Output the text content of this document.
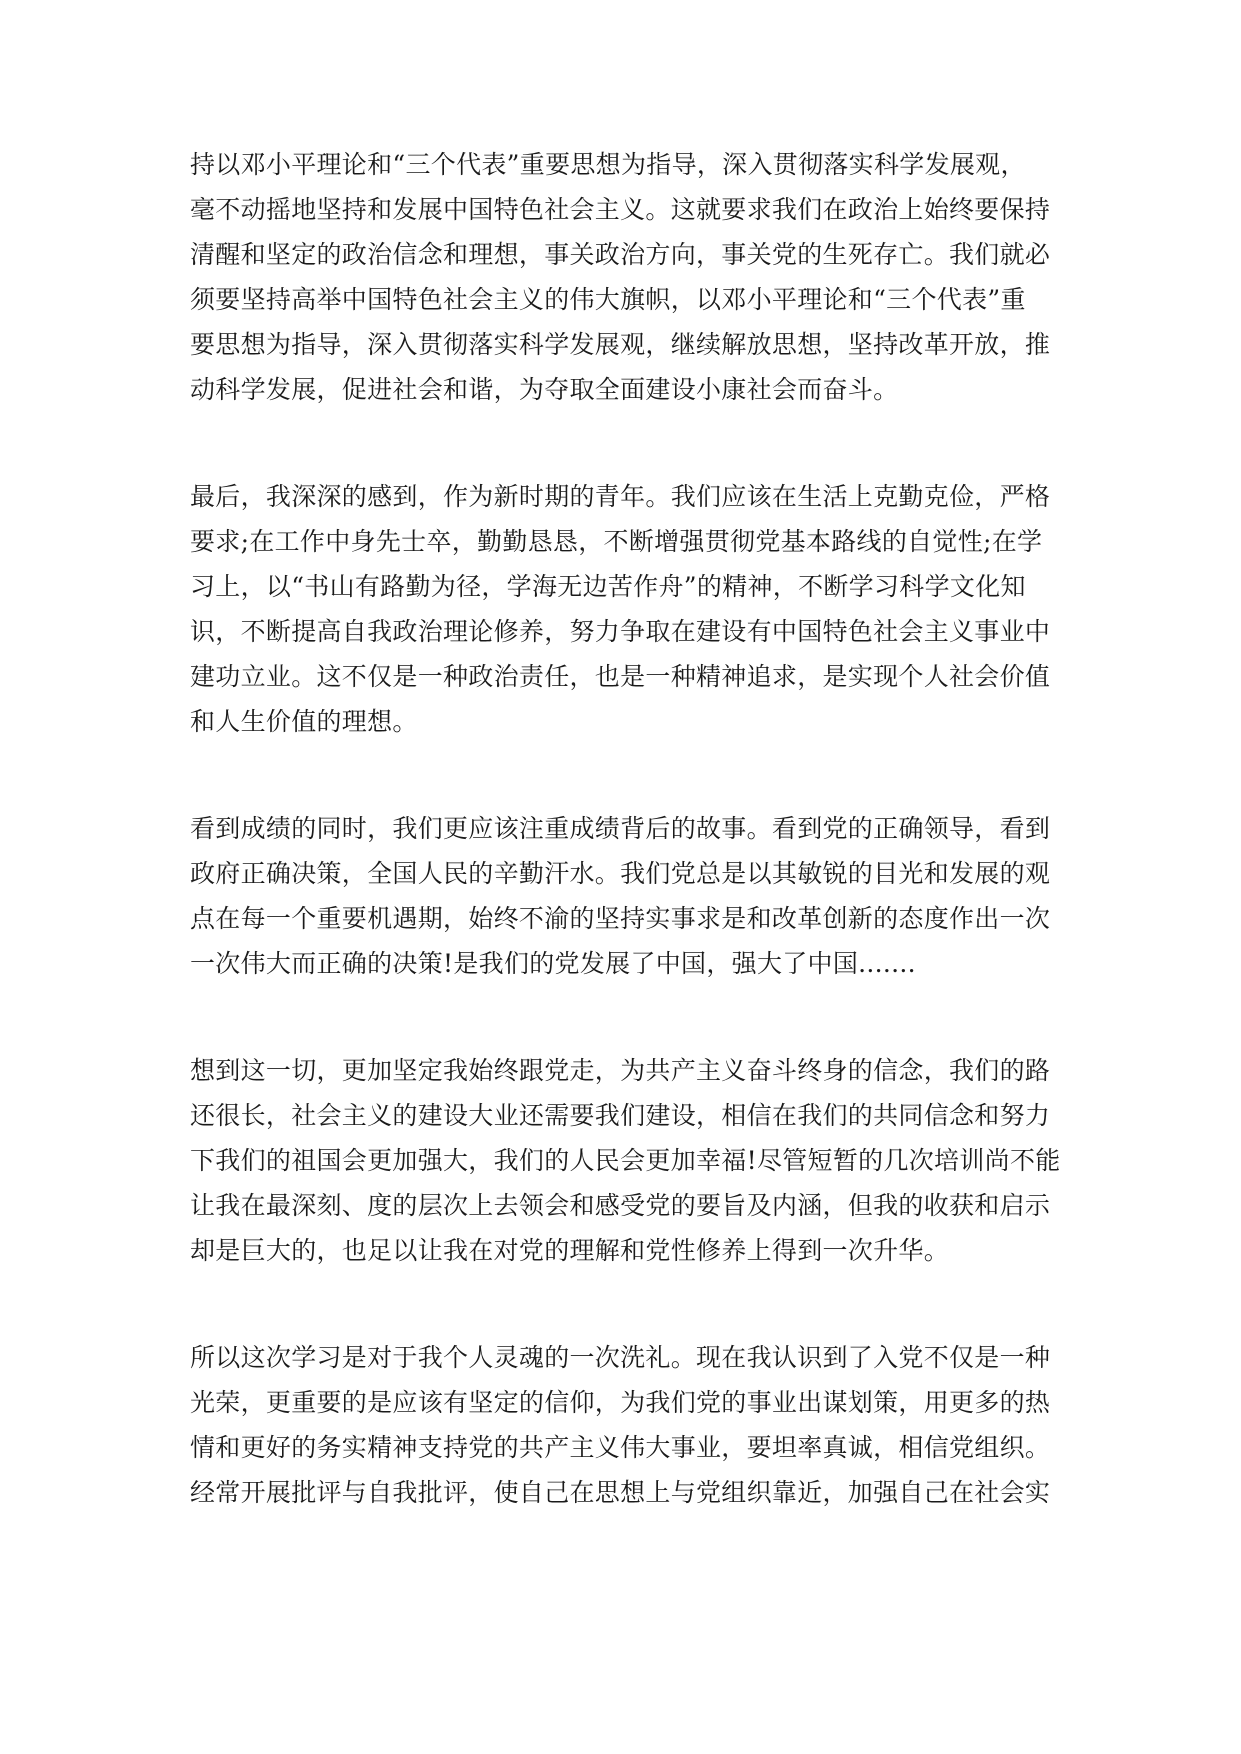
持以邓小平理论和“三个代表”重要思想为指导，深入贯彻落实科学发展观，
毫不动摇地坚持和发展中国特色社会主义。这就要求我们在政治上始终要保持
清醒和坚定的政治信念和理想，事关政治方向，事关党的生死存亡。我们就必
须要坚持高举中国特色社会主义的伟大旗帜，以邓小平理论和“三个代表”重
要思想为指导，深入贯彻落实科学发展观，继续解放思想，坚持改革开放，推
动科学发展，促进社会和谐，为夺取全面建设小康社会而奋斗。
最后，我深深的感到，作为新时期的青年。我们应该在生活上克勤克俭，严格
要求;在工作中身先士卒，勤勤恳恳，不断增强贯彻党基本路线的自觉性;在学
习上，以“书山有路勤为径，学海无边苦作舟”的精神，不断学习科学文化知
识，不断提高自我政治理论修养，努力争取在建设有中国特色社会主义事业中
建功立业。这不仅是一种政治责任，也是一种精神追求，是实现个人社会价值
和人生价值的理想。
看到成绩的同时，我们更应该注重成绩背后的故事。看到党的正确领导，看到
政府正确决策，全国人民的辛勤汗水。我们党总是以其敏锐的目光和发展的观
点在每一个重要机遇期，始终不渝的坚持实事求是和改革创新的态度作出一次
一次伟大而正确的决策!是我们的党发展了中国，强大了中国.......
想到这一切，更加坚定我始终跟党走，为共产主义奋斗终身的信念，我们的路
还很长，社会主义的建设大业还需要我们建设，相信在我们的共同信念和努力
下我们的祖国会更加强大，我们的人民会更加幸福!尽管短暂的几次培训尚不能
让我在最深刻、度的层次上去领会和感受党的要旨及内涵，但我的收获和启示
却是巨大的，也足以让我在对党的理解和党性修养上得到一次升华。
所以这次学习是对于我个人灵魂的一次洗礼。现在我认识到了入党不仅是一种
光荣，更重要的是应该有坚定的信仰，为我们党的事业出谋划策，用更多的热
情和更好的务实精神支持党的共产主义伟大事业，要坦率真诚，相信党组织。
经常开展批评与自我批评，使自己在思想上与党组织靠近，加强自己在社会实
